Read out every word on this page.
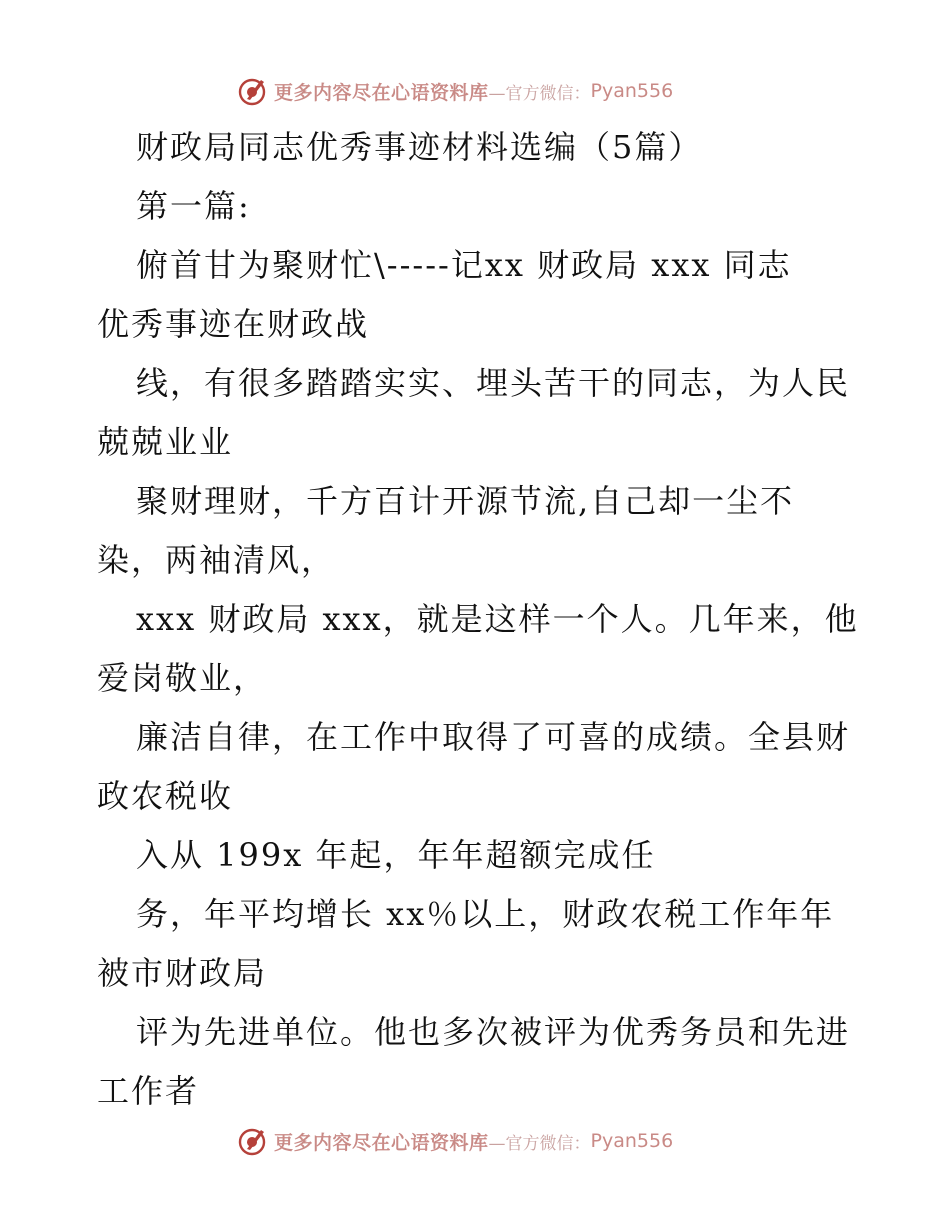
更多内容尽在心语资料库 —官方微信： Pyan556
财政局同志优秀事迹材料选编（5篇）
第一篇:
俯首甘为聚财忙\-----记xx 财政局 xxx 同志
优秀事迹在财政战
线，有很多踏踏实实、埋头苦干的同志，为人民
兢兢业业
聚财理财，千方百计开源节流,自己却一尘不
染，两袖清风，
xxx 财政局 xxx，就是这样一个人。几年来，他
爱岗敬业，
廉洁自律，在工作中取得了可喜的成绩。全县财
政农税收
入从 199x 年起，年年超额完成任
务，年平均增长 xx％以上，财政农税工作年年
被市财政局
评为先进单位。他也多次被评为优秀务员和先进
工作者
更多内容尽在心语资料库 —官方微信： Pyan556
